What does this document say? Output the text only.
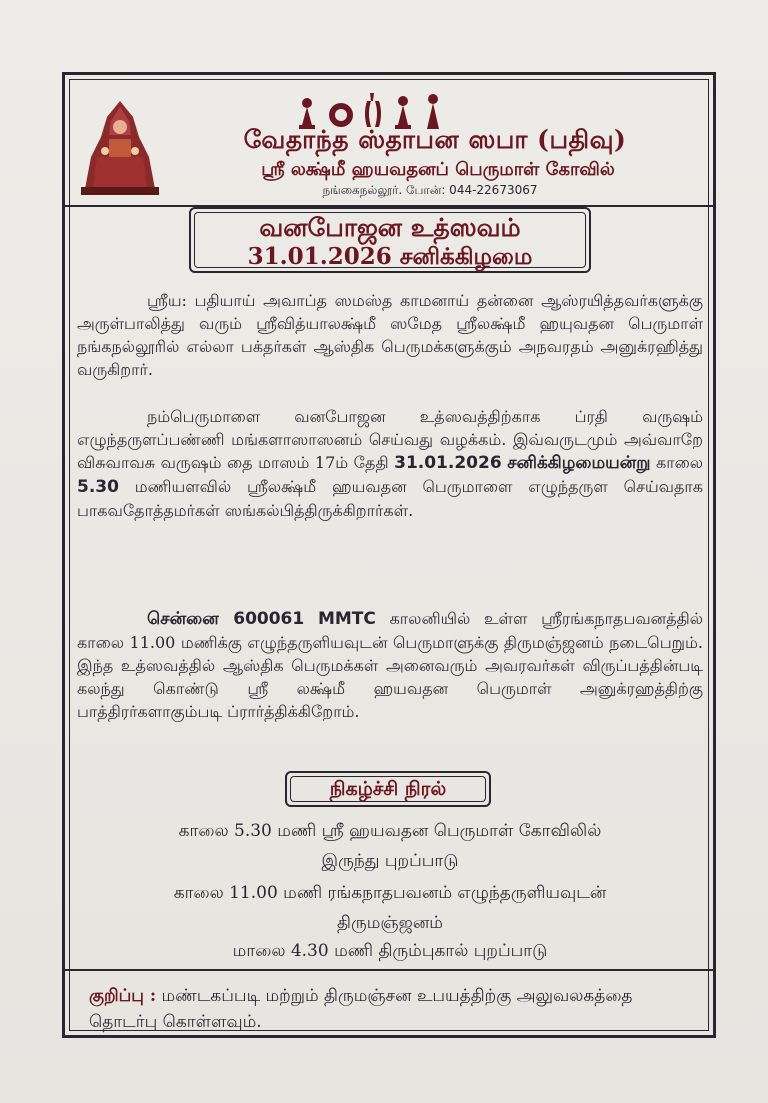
வேதாந்த ஸ்தாபன ஸபா (பதிவு)
ஸ்ரீ லக்ஷ்மீ ஹயவதனப் பெருமாள் கோவில்
நங்கைநல்லூர். போன்: 044-22673067
வனபோஜன உத்ஸவம்
31.01.2026 சனிக்கிழமை

ஸ்ரீய: பதியாய் அவாப்த ஸமஸ்த காமனாய் தன்னை ஆஸ்ரயித்தவர்களுக்கு அருள்பாலித்து வரும் ஸ்ரீவித்யாலக்ஷ்மீ ஸமேத ஸ்ரீலக்ஷ்மீ ஹயுவதன பெருமாள் நங்கநல்லூரில் எல்லா பக்தர்கள் ஆஸ்திக பெருமக்களுக்கும் அநவரதம் அனுக்ரஹித்து வருகிறார்.

நம்பெருமாளை வனபோஜன உத்ஸவத்திற்காக ப்ரதி வருஷம் எழுந்தருளப்பண்ணி மங்களாஸாஸனம் செய்வது வழக்கம். இவ்வருடமும் அவ்வாறே விசுவாவசு வருஷம் தை மாஸம் 17ம் தேதி 31.01.2026 சனிக்கிழமையன்று காலை 5.30 மணியளவில் ஸ்ரீலக்ஷ்மீ ஹயவதன பெருமாளை எழுந்தருள செய்வதாக பாகவதோத்தமர்கள் ஸங்கல்பித்திருக்கிறார்கள்.

சென்னை 600061 MMTC காலனியில் உள்ள ஸ்ரீரங்கநாதபவனத்தில் காலை 11.00 மணிக்கு எழுந்தருளியவுடன் பெருமாளுக்கு திருமஞ்ஜனம் நடைபெறும். இந்த உத்ஸவத்தில் ஆஸ்திக பெருமக்கள் அனைவரும் அவரவர்கள் விருப்பத்தின்படி கலந்து கொண்டு ஸ்ரீ லக்ஷ்மீ ஹயவதன பெருமாள் அனுக்ரஹத்திற்கு பாத்திரர்களாகும்படி ப்ரார்த்திக்கிறோம்.

நிகழ்ச்சி நிரல்
காலை 5.30 மணி ஸ்ரீ ஹயவதன பெருமாள் கோவிலில்
இருந்து புறப்பாடு
காலை 11.00 மணி ரங்கநாதபவனம் எழுந்தருளியவுடன்
திருமஞ்ஜனம்
மாலை 4.30 மணி திரும்புகால் புறப்பாடு
குறிப்பு : மண்டகப்படி மற்றும் திருமஞ்சன உபயத்திற்கு அலுவலகத்தை தொடர்பு கொள்ளவும்.
